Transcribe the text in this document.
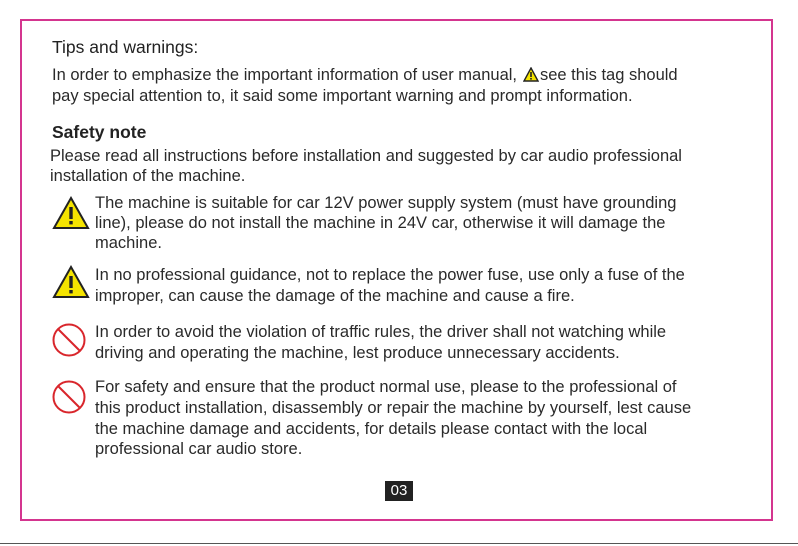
Tips and warnings:
In order to emphasize the important information of user manual, see this tag should
pay special attention to, it said some important warning and prompt information.
Safety note
Please read all instructions before installation and suggested by car audio professional
installation of the machine.
The machine is suitable for car 12V power supply system (must have grounding
line), please do not install the machine in 24V car, otherwise it will damage the
machine.
In no professional guidance, not to replace the power fuse, use only a fuse of the
improper, can cause the damage of the machine and cause a fire.
In order to avoid the violation of traffic rules, the driver shall not watching while
driving and operating the machine, lest produce unnecessary accidents.
For safety and ensure that the product normal use, please to the professional of
this product installation, disassembly or repair the machine by yourself, lest cause
the machine damage and accidents, for details please contact with the local
professional car audio store.
03
